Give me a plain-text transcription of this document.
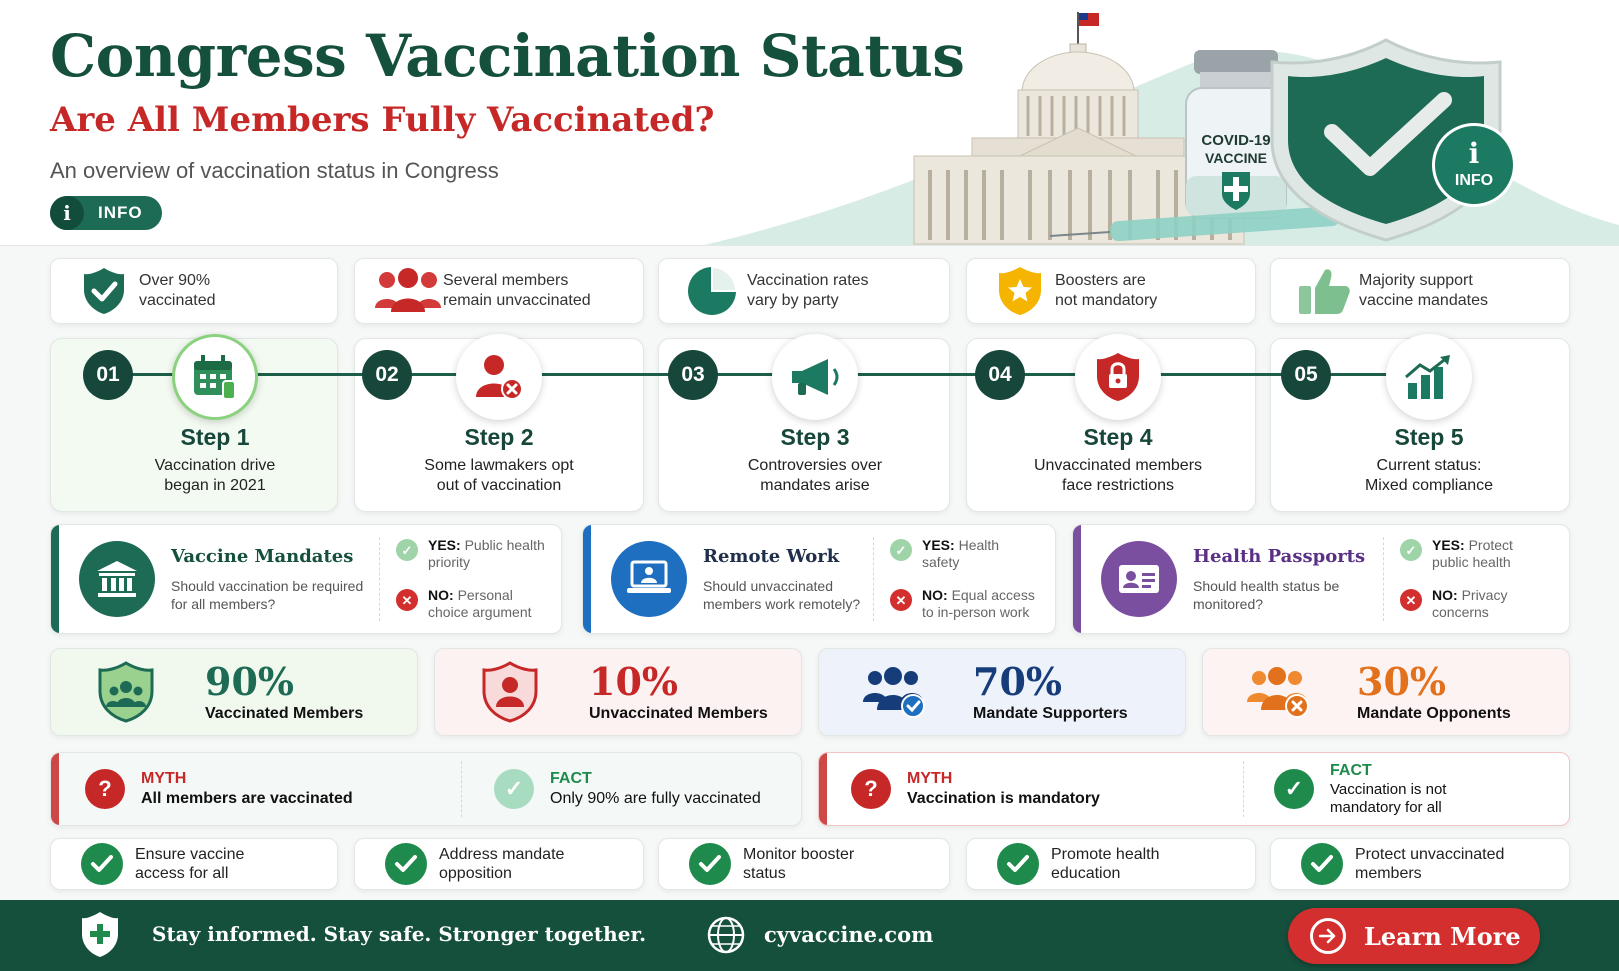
Congress Vaccination Status
Are All Members Fully Vaccinated?
An overview of vaccination status in Congress
i	INFO
COVID-19
VACCINE	i
INFO
Over 90%
vaccinated
Several members
remain unvaccinated
Vaccination rates
vary by party
Boosters are
not mandatory
Majority support
vaccine mandates
01
Step 1
Vaccination drive
began in 2021
02
Step 2
Some lawmakers opt
out of vaccination
03
Step 3
Controversies over
mandates arise
04
Step 4
Unvaccinated members
face restrictions
05
Step 5
Current status:
Mixed compliance
Vaccine Mandates
Should vaccination be required for all members?
✓	YES: Public health priority
✕	NO: Personal choice argument
Remote Work
Should unvaccinated members work remotely?
✓	YES: Health safety
✕	NO: Equal access to in-person work
Health Passports
Should health status be monitored?
✓	YES: Protect public health
✕	NO: Privacy concerns
90%
Vaccinated Members
10%
Unvaccinated Members
70%
Mandate Supporters
30%
Mandate Opponents
?	MYTH
All members are vaccinated	✓	FACT
Only 90% are fully vaccinated	?	MYTH
Vaccination is mandatory	✓
FACT
Vaccination is not mandatory for all
Ensure vaccine
access for all
Address mandate
opposition
Monitor booster
status
Promote health
education
Protect unvaccinated
members
Stay informed. Stay safe. Stronger together.	cyvaccine.com	Learn More
